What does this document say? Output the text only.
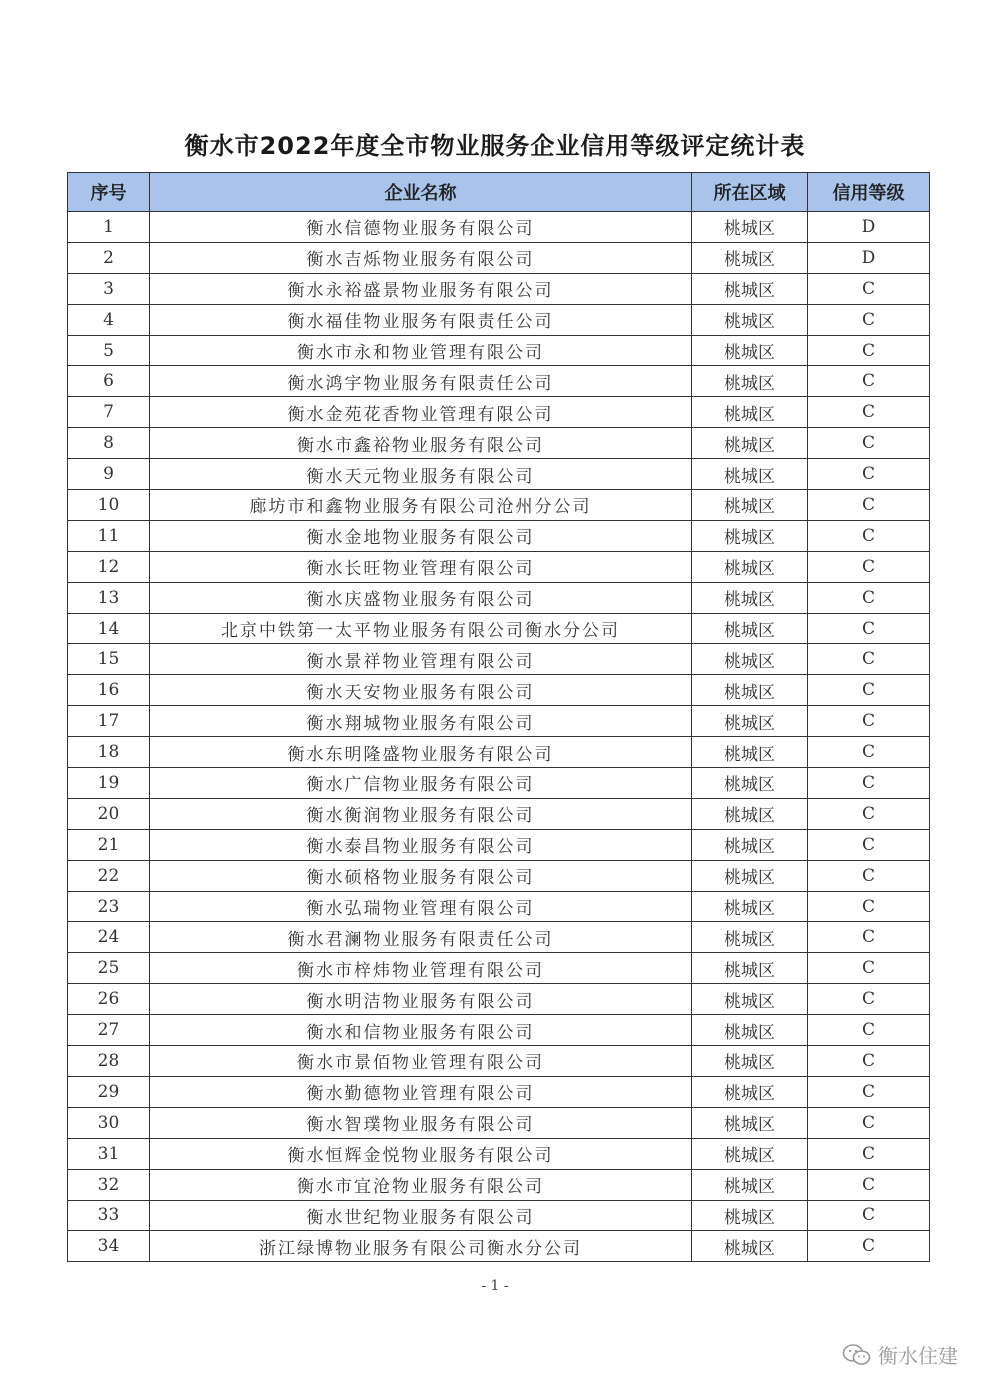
衡水市2022年度全市物业服务企业信用等级评定统计表
序号	企业名称	所在区域	信用等级
1	衡水信德物业服务有限公司	桃城区	D
2	衡水吉烁物业服务有限公司	桃城区	D
3	衡水永裕盛景物业服务有限公司	桃城区	C
4	衡水福佳物业服务有限责任公司	桃城区	C
5	衡水市永和物业管理有限公司	桃城区	C
6	衡水鸿宇物业服务有限责任公司	桃城区	C
7	衡水金苑花香物业管理有限公司	桃城区	C
8	衡水市鑫裕物业服务有限公司	桃城区	C
9	衡水天元物业服务有限公司	桃城区	C
10	廊坊市和鑫物业服务有限公司沧州分公司	桃城区	C
11	衡水金地物业服务有限公司	桃城区	C
12	衡水长旺物业管理有限公司	桃城区	C
13	衡水庆盛物业服务有限公司	桃城区	C
14	北京中铁第一太平物业服务有限公司衡水分公司	桃城区	C
15	衡水景祥物业管理有限公司	桃城区	C
16	衡水天安物业服务有限公司	桃城区	C
17	衡水翔城物业服务有限公司	桃城区	C
18	衡水东明隆盛物业服务有限公司	桃城区	C
19	衡水广信物业服务有限公司	桃城区	C
20	衡水衡润物业服务有限公司	桃城区	C
21	衡水泰昌物业服务有限公司	桃城区	C
22	衡水硕格物业服务有限公司	桃城区	C
23	衡水弘瑞物业管理有限公司	桃城区	C
24	衡水君澜物业服务有限责任公司	桃城区	C
25	衡水市梓炜物业管理有限公司	桃城区	C
26	衡水明洁物业服务有限公司	桃城区	C
27	衡水和信物业服务有限公司	桃城区	C
28	衡水市景佰物业管理有限公司	桃城区	C
29	衡水勤德物业管理有限公司	桃城区	C
30	衡水智璞物业服务有限公司	桃城区	C
31	衡水恒辉金悦物业服务有限公司	桃城区	C
32	衡水市宜沧物业服务有限公司	桃城区	C
33	衡水世纪物业服务有限公司	桃城区	C
34	浙江绿博物业服务有限公司衡水分公司	桃城区	C
- 1 -
衡水住建
